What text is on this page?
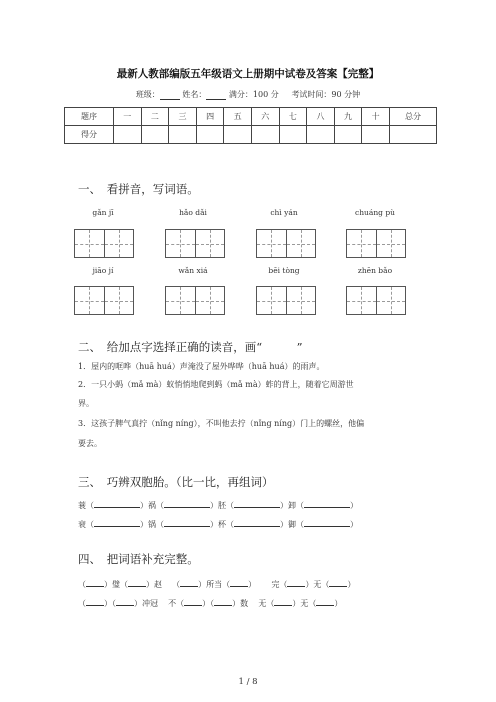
最新人教部编版五年级语文上册期中试卷及答案【完整】
班级：	姓名：	满分：100 分 考试时间：90 分钟
题序	一	二	三	四	五	六	七	八	九	十	总分
得分											
一、　看拼音，写词语。
gǎn jī	hǎo dǎi	chì yán	chuáng pù
jiāo jí	wǎn xiá	bēi tòng	zhēn bǎo
二、　给加点字选择正确的读音，画“　　　”
1．屋内的哐哗（huā huá）声淹没了屋外哗哗（huā huá）的雨声。
2．一只小蚂（mǎ mà）蚁悄悄地爬到蚂（mǎ mà）蚱的背上，随着它周游世
界。
3．这孩子脾气真拧（nǐng níng），不叫他去拧（nǐng níng）门上的螺丝，他偏
要去。
三、　巧辨双胞胎。（比一比，再组词）
蓑（	）祸（	）胚（	）卸（	）
衰（	）锅（	）杯（	）御（	）
四、　把词语补充完整。
（ ）璧（ ）赵 （ ）所当（ ） 完（ ）无（ ）
（ ）（ ）冲冠 不（ ）（ ）数 无（ ）无（ ）
1 / 8
